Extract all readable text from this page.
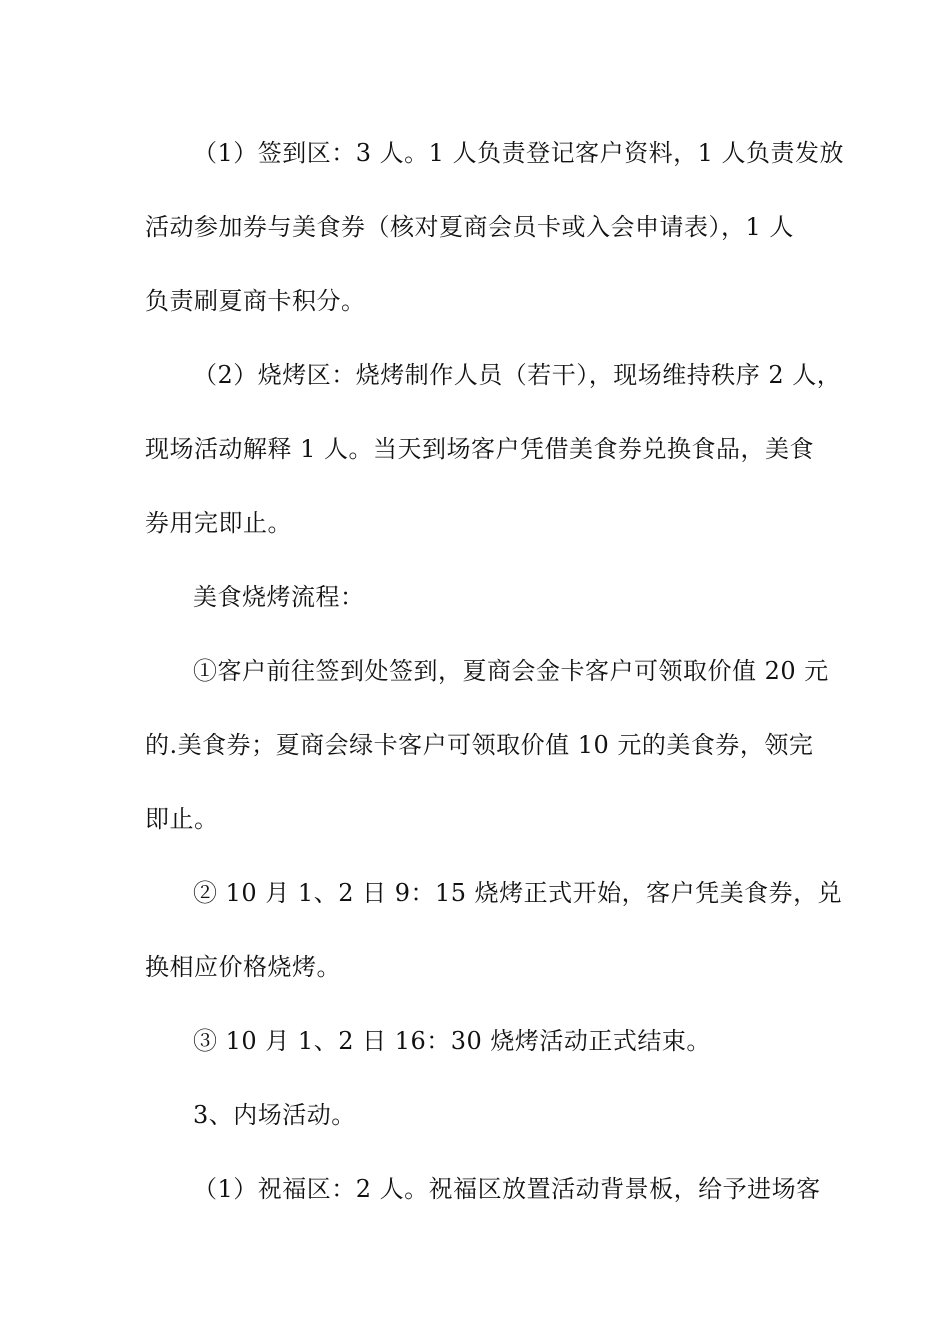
（1）签到区：3 人。1 人负责登记客户资料，1 人负责发放
活动参加券与美食券（核对夏商会员卡或入会申请表），1 人
负责刷夏商卡积分。

（2）烧烤区：烧烤制作人员（若干），现场维持秩序 2 人，
现场活动解释 1 人。当天到场客户凭借美食券兑换食品，美食
券用完即止。

美食烧烤流程：

①客户前往签到处签到，夏商会金卡客户可领取价值 20 元
的.美食券；夏商会绿卡客户可领取价值 10 元的美食券，领完
即止。

② 10 月 1、2 日 9：15 烧烤正式开始，客户凭美食券，兑
换相应价格烧烤。

③ 10 月 1、2 日 16：30 烧烤活动正式结束。

3、内场活动。

（1）祝福区：2 人。祝福区放置活动背景板，给予进场客
